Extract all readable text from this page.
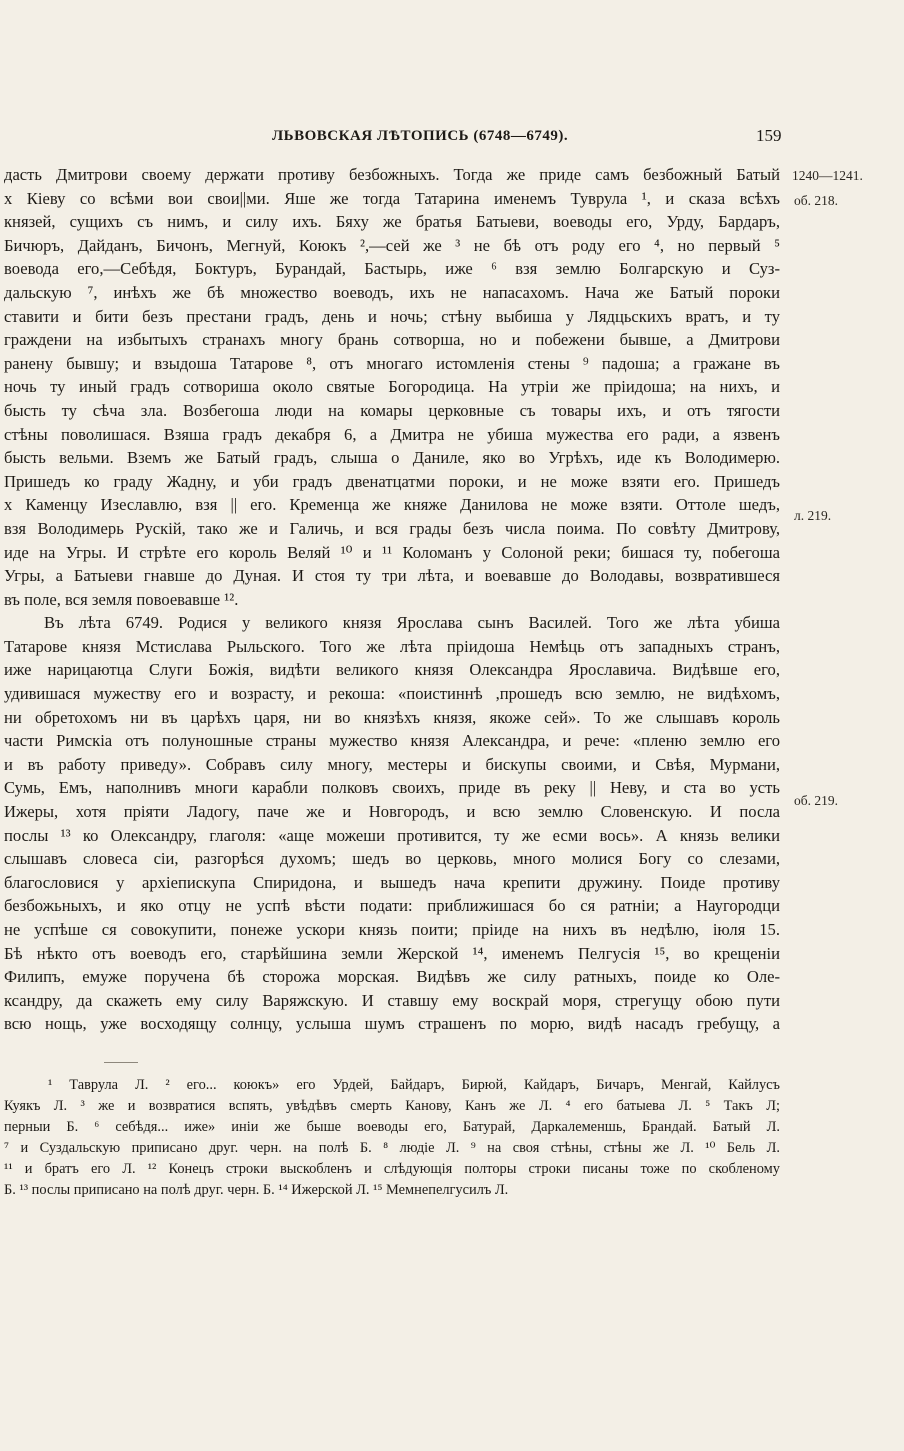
ЛЬВОВСКАЯ ЛѢТОПИСЬ (6748—6749).	159
1240—1241.
об. 218.
л. 219.
об. 219.
дасть Дмитрови своему держати противу безбожныхъ. Тогда же приде самъ безбожный Батый
х Кіеву со всѣми вои свои||ми. Яше же тогда Татарина именемъ Туврула ¹, и сказа всѣхъ
князей, сущихъ съ нимъ, и силу ихъ. Бяху же братья Батыеви, воеводы его, Урду, Бардаръ,
Бичюръ, Дайданъ, Бичонъ, Мегнуй, Коюкъ ²,—сей же ³ не бѣ отъ роду его ⁴, но первый ⁵
воевода его,—Себѣдя, Боктуръ, Бурандай, Бастырь, иже ⁶ взя землю Болгарскую и Суз-
дальскую ⁷, инѣхъ же бѣ множество воеводъ, ихъ не напасахомъ. Нача же Батый пороки
ставити и бити безъ престани градъ, день и ночь; стѣну выбиша у Лядцьскихъ вратъ, и ту
граждени на избытыхъ странахъ многу брань сотворша, но и побежени бывше, а Дмитрови
ранену бывшу; и взыдоша Татарове ⁸, отъ многаго истомленія стены ⁹ падоша; а гражане въ
ночь ту иный градъ сотвориша около святые Богородица. На утріи же пріидоша; на нихъ, и
бысть ту сѣча зла. Возбегоша люди на комары церковные съ товары ихъ, и отъ тягости
стѣны поволишася. Взяша градъ декабря 6, а Дмитра не убиша мужества его ради, а язвенъ
бысть вельми. Вземъ же Батый градъ, слыша о Даниле, яко во Угрѣхъ, иде къ Володимерю.
Пришедъ ко граду Жадну, и уби градъ двенатцатми пороки, и не може взяти его. Пришедъ
х Каменцу Изеславлю, взя || его. Кременца же княже Данилова не може взяти. Оттоле шедъ,
взя Володимерь Рускій, тако же и Галичь, и вся грады безъ числа поима. По совѣту Дмитрову,
иде на Угры. И стрѣте его король Веляй ¹⁰ и ¹¹ Коломанъ у Солоной реки; бишася ту, побегоша
Угры, а Батыеви гнавше до Дуная. И стоя ту три лѣта, и воевавше до Володавы, возвратившеся
въ поле, вся земля повоевавше ¹².
Въ лѣта 6749. Родися у великого князя Ярослава сынъ Василей. Того же лѣта убиша
Татарове князя Мстислава Рыльского. Того же лѣта пріидоша Немѣць отъ западныхъ странъ,
иже нарицаютца Слуги Божія, видѣти великого князя Олександра Ярославича. Видѣвше его,
удивишася мужеству его и возрасту, и рекоша: «поистиннѣ ,прошедъ всю землю, не видѣхомъ,
ни обретохомъ ни въ царѣхъ царя, ни во князѣхъ князя, якоже сей». То же слышавъ король
части Римскіа отъ полуношные страны мужество князя Александра, и рече: «пленю землю его
и въ работу приведу». Собравъ силу многу, местеры и бискупы своими, и Свѣя, Мурмани,
Сумь, Емъ, наполнивъ многи карабли полковъ своихъ, приде въ реку || Неву, и ста во усть
Ижеры, хотя пріяти Ладогу, паче же и Новгородъ, и всю землю Словенскую. И посла
послы ¹³ ко Олександру, глаголя: «аще можеши противится, ту же есми вось». А князь велики
слышавъ словеса сіи, разгорѣся духомъ; шедъ во церковь, много молися Богу со слезами,
благословися у архіепискупа Спиридона, и вышедъ нача крепити дружину. Поиде противу
безбожьныхъ, и яко отцу не успѣ вѣсти подати: приближишася бо ся ратніи; а Наугородци
не успѣше ся совокупити, понеже ускори князь поити; пріиде на нихъ въ недѣлю, іюля 15.
Бѣ нѣкто отъ воеводъ его, старѣйшина земли Жерской ¹⁴, именемъ Пелгусія ¹⁵, во крещеніи
Филипъ, емуже поручена бѣ сторожа морская. Видѣвъ же силу ратныхъ, поиде ко Оле-
ксандру, да скажеть ему силу Варяжскую. И ставшу ему воскрай моря, стрегущу обою пути
всю нощь, уже восходящу солнцу, услыша шумъ страшенъ по морю, видѣ насадъ гребущу, а
¹ Таврула Л. ² его... коюкъ» его Урдей, Байдаръ, Бирюй, Кайдаръ, Бичаръ, Менгай, Кайлусъ
Куякъ Л. ³ же и возвратися вспять, увѣдѣвъ смерть Канову, Канъ же Л. ⁴ его батыева Л. ⁵ Такъ Л;
перныи Б. ⁶ себѣдя... иже» иніи же быше воеводы его, Батурай, Даркалеменшь, Брандай. Батый Л.
⁷ и Суздальскую приписано друг. черн. на полѣ Б. ⁸ людіе Л. ⁹ на своя стѣны, стѣны же Л. ¹⁰ Бель Л.
¹¹ и братъ его Л. ¹² Конецъ строки выскобленъ и слѣдующія полторы строки писаны тоже по скобленому
Б. ¹³ послы приписано на полѣ друг. черн. Б. ¹⁴ Ижерской Л. ¹⁵ Мемнепелгусилъ Л.
